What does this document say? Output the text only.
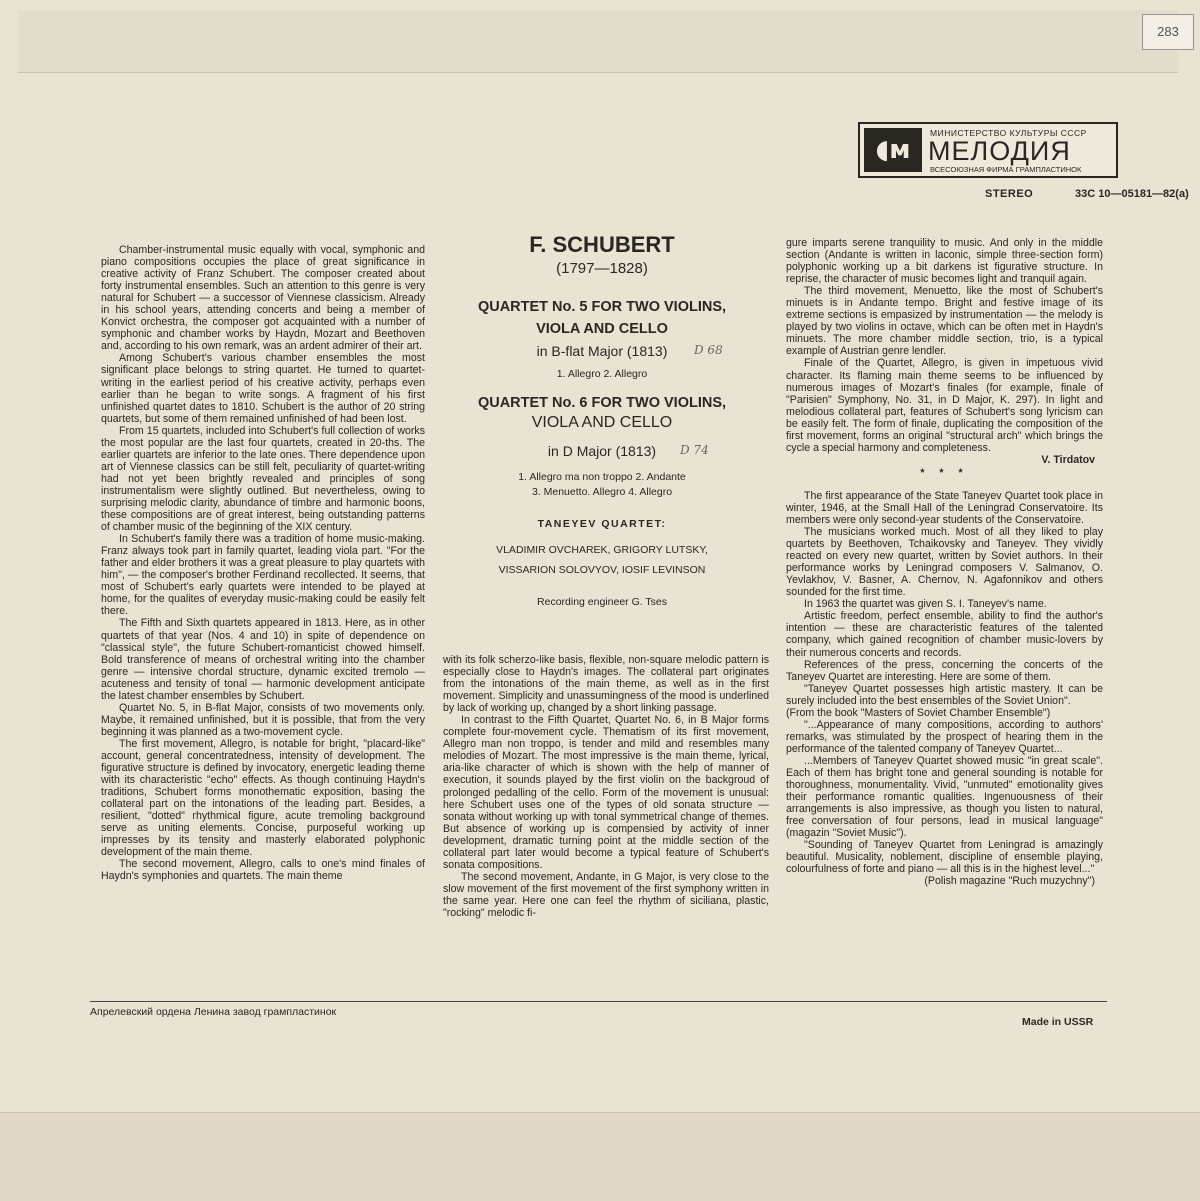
283
◖ᴍ
МИНИСТЕРСТВО КУЛЬТУРЫ СССР
МЕЛОДИЯ
ВСЕСОЮЗНАЯ ФИРМА ГРАМПЛАСТИНОК
STEREO	33С 10—05181—82(а)

Chamber-instrumental music equally with vocal, symphonic and piano compositions occupies the place of great significance in creative activity of Franz Schubert. The composer created about forty instrumental ensembles. Such an attention to this genre is very natural for Schubert — a successor of Viennese classicism. Already in his school years, attending concerts and being a member of Konvict orchestra, the composer got acquainted with a number of symphonic and chamber works by Haydn, Mozart and Beethoven and, according to his own remark, was an ardent admirer of their art.

Among Schubert's various chamber ensembles the most significant place belongs to string quartet. He turned to quartet-writing in the earliest period of his creative activity, perhaps even earlier than he began to write songs. A fragment of his first unfinished quartet dates to 1810. Schubert is the author of 20 string quartets, but some of them remained unfinished of had been lost.

From 15 quartets, included into Schubert's full collection of works the most popular are the last four quartets, created in 20-ths. The earlier quartets are inferior to the late ones. There dependence upon art of Viennese classics can be still felt, peculiarity of quartet-writing had not yet been brightly revealed and principles of song instrumentalism were slightly outlined. But nevertheless, owing to surprising melodic clarity, abundance of timbre and harmonic boons, these compositions are of great interest, being outstanding patterns of chamber music of the beginning of the XIX century.

In Schubert's family there was a tradition of home music-making. Franz always took part in family quartet, leading viola part. "For the father and elder brothers it was a great pleasure to play quartets with him", — the composer's brother Ferdinand recollected. It seems, that most of Schubert's early quartets were intended to be played at home, for the qualites of everyday music-making could be easily felt there.

The Fifth and Sixth quartets appeared in 1813. Here, as in other quartets of that year (Nos. 4 and 10) in spite of dependence on "classical style", the future Schubert-romanticist chowed himself. Bold transference of means of orchestral writing into the chamber genre — intensive chordal structure, dynamic excited tremolo — acuteness and tensity of tonal — harmonic development anticipate the latest chamber ensembles by Schubert.

Quartet No. 5, in B-flat Major, consists of two movements only. Maybe, it remained unfinished, but it is possible, that from the very beginning it was planned as a two-movement cycle.

The first movement, Allegro, is notable for bright, "placard-like" account, general concentratedness, intensity of development. The figurative structure is defined by invocatory, energetic leading theme with its characteristic "echo" effects. As though continuing Haydn's traditions, Schubert forms monothematic exposition, basing the collateral part on the intonations of the leading part. Besides, a resilient, "dotted" rhythmical figure, acute tremoling background serve as uniting elements. Concise, purposeful working up impresses by its tensity and masterly elaborated polyphonic development of the main theme.

The second movement, Allegro, calls to one's mind finales of Haydn's symphonies and quartets. The main theme

F. SCHUBERT
(1797—1828)
QUARTET No. 5 FOR TWO VIOLINS,
VIOLA AND CELLO
in B-flat Major (1813) D 68
1. Allegro 2. Allegro
QUARTET No. 6 FOR TWO VIOLINS,
VIOLA AND CELLO
in D Major (1813) D 74
1. Allegro ma non troppo 2. Andante
3. Menuetto. Allegro 4. Allegro
TANEYEV QUARTET:
VLADIMIR OVCHAREK, GRIGORY LUTSKY,
VISSARION SOLOVYOV, IOSIF LEVINSON
Recording engineer G. Tses

with its folk scherzo-like basis, flexible, non-square melodic pattern is especially close to Haydn's images. The collateral part originates from the intonations of the main theme, as well as in the first movement. Simplicity and unassumingness of the mood is underlined by lack of working up, changed by a short linking passage.

In contrast to the Fifth Quartet, Quartet No. 6, in B Major forms complete four-movement cycle. Thematism of its first movement, Allegro man non troppo, is tender and mild and resembles many melodies of Mozart. The most impressive is the main theme, lyrical, aria-like character of which is shown with the help of manner of execution, it sounds played by the first violin on the backgroud of prolonged pedalling of the cello. Form of the movement is unusual: here Schubert uses one of the types of old sonata structure — sonata without working up with tonal symmetrical change of themes. But absence of working up is compensied by activity of inner development, dramatic turning point at the middle section of the collateral part later would become a typical feature of Schubert's sonata compositions.

The second movement, Andante, in G Major, is very close to the slow movement of the first movement of the first symphony written in the same year. Here one can feel the rhythm of siciliana, plastic, "rocking" melodic fi-

gure imparts serene tranquility to music. And only in the middle section (Andante is written in laconic, simple three-section form) polyphonic working up a bit darkens ist figurative structure. In reprise, the character of music becomes light and tranquil again.

The third movement, Menuetto, like the most of Schubert's minuets is in Andante tempo. Bright and festive image of its extreme sections is empasized by instrumentation — the melody is played by two violins in octave, which can be often met in Haydn's minuets. The more chamber middle section, trio, is a typical example of Austrian genre lendler.

Finale of the Quartet, Allegro, is given in impetuous vivid character. Its flaming main theme seems to be influenced by numerous images of Mozart's finales (for example, finale of "Parisien" Symphony, No. 31, in D Major, K. 297). In light and melodious collateral part, features of Schubert's song lyricism can be easily felt. The form of finale, duplicating the composition of the first movement, forms an original "structural arch" which brings the cycle a special harmony and completeness.

V. Tirdatov
* * *

The first appearance of the State Taneyev Quartet took place in winter, 1946, at the Small Hall of the Leningrad Conservatoire. Its members were only second-year students of the Conservatoire.

The musicians worked much. Most of all they liked to play quartets by Beethoven, Tchaikovsky and Taneyev. They vividly reacted on every new quartet, written by Soviet authors. In their performance works by Leningrad composers V. Salmanov, O. Yevlakhov, V. Basner, A. Chernov, N. Agafonnikov and others sounded for the first time.

In 1963 the quartet was given S. I. Taneyev's name.

Artistic freedom, perfect ensemble, ability to find the author's intention — these are characteristic features of the talented company, which gained recognition of chamber music-lovers by their numerous concerts and records.

References of the press, concerning the concerts of the Taneyev Quartet are interesting. Here are some of them.

"Taneyev Quartet possesses high artistic mastery. It can be surely included into the best ensembles of the Soviet Union".

(From the book "Masters of Soviet Chamber Ensemble")

"...Appearance of many compositions, according to authors' remarks, was stimulated by the prospect of hearing them in the performance of the talented company of Taneyev Quartet...

...Members of Taneyev Quartet showed music "in great scale". Each of them has bright tone and general sounding is notable for thoroughness, monumentality. Vivid, "unmuted" emotionality gives their performance romantic qualities. Ingenuousness of their arrangements is also impressive, as though you listen to natural, free conversation of four persons, lead in musical language" (magazin "Soviet Music").

"Sounding of Taneyev Quartet from Leningrad is amazingly beautiful. Musicality, noblement, discipline of ensemble playing, colourfulness of forte and piano — all this is in the highest level..."

(Polish magazine "Ruch muzychny")
Апрелевский ордена Ленина завод грампластинок
Made in USSR
